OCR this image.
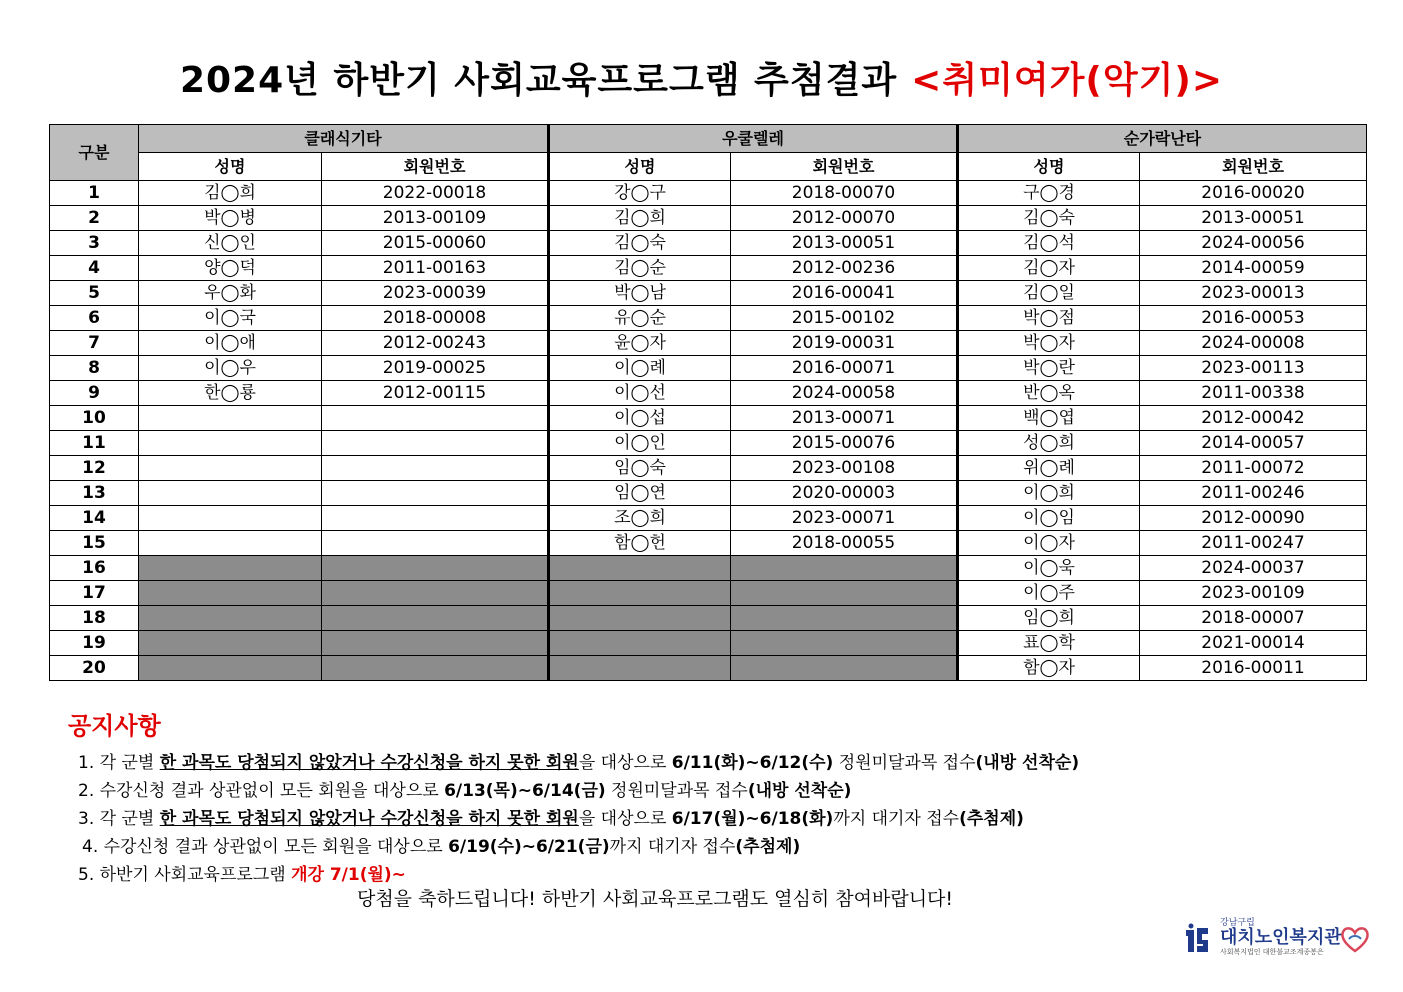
2024년 하반기 사회교육프로그램 추첨결과 <취미여가(악기)>
구분	클래식기타		우쿨렐레		순가락난타	
	성명	회원번호	성명	회원번호	성명	회원번호
1	김◯희	2022-00018	강◯구	2018-00070	구◯경	2016-00020
2	박◯병	2013-00109	김◯희	2012-00070	김◯숙	2013-00051
3	신◯인	2015-00060	김◯숙	2013-00051	김◯석	2024-00056
4	양◯덕	2011-00163	김◯순	2012-00236	김◯자	2014-00059
5	우◯화	2023-00039	박◯남	2016-00041	김◯일	2023-00013
6	이◯국	2018-00008	유◯순	2015-00102	박◯점	2016-00053
7	이◯애	2012-00243	윤◯자	2019-00031	박◯자	2024-00008
8	이◯우	2019-00025	이◯례	2016-00071	박◯란	2023-00113
9	한◯룡	2012-00115	이◯선	2024-00058	반◯옥	2011-00338
10			이◯섭	2013-00071	백◯엽	2012-00042
11			이◯인	2015-00076	성◯희	2014-00057
12			임◯숙	2023-00108	위◯례	2011-00072
13			임◯연	2020-00003	이◯희	2011-00246
14			조◯희	2023-00071	이◯임	2012-00090
15			함◯헌	2018-00055	이◯자	2011-00247
16					이◯욱	2024-00037
17					이◯주	2023-00109
18					임◯희	2018-00007
19					표◯학	2021-00014
20					함◯자	2016-00011
공지사항
1. 각 군별 한 과목도 당첨되지 않았거나 수강신청을 하지 못한 회원을 대상으로 6/11(화)~6/12(수) 정원미달과목 접수(내방 선착순)
2. 수강신청 결과 상관없이 모든 회원을 대상으로 6/13(목)~6/14(금) 정원미달과목 접수(내방 선착순)
3. 각 군별 한 과목도 당첨되지 않았거나 수강신청을 하지 못한 회원을 대상으로 6/17(월)~6/18(화)까지 대기자 접수(추첨제)
4. 수강신청 결과 상관없이 모든 회원을 대상으로 6/19(수)~6/21(금)까지 대기자 접수(추첨제)
5. 하반기 사회교육프로그램 개강 7/1(월)~
당첨을 축하드립니다! 하반기 사회교육프로그램도 열심히 참여바랍니다!
강남구립
대치노인복지관
사회복지법인 대한불교조계종봉은
